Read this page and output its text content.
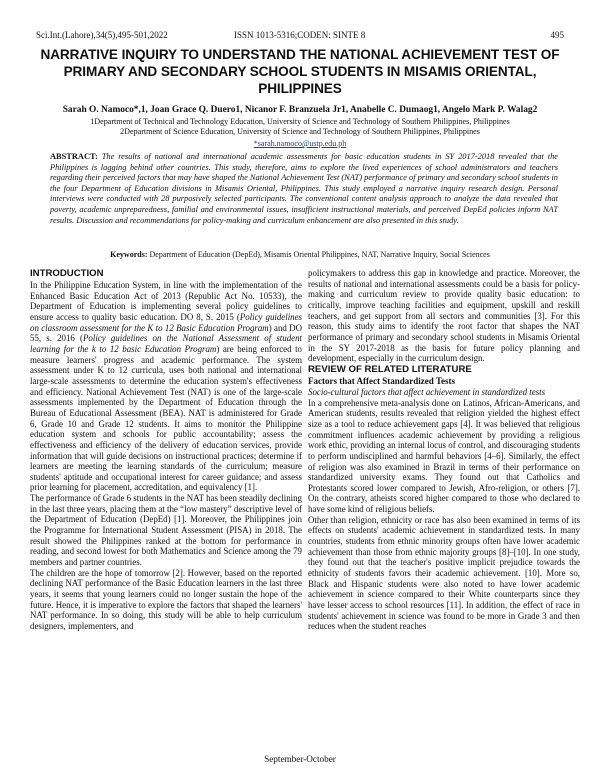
Sci.Int.(Lahore),34(5),495-501,2022	ISSN 1013-5316;CODEN: SINTE 8	495
NARRATIVE INQUIRY TO UNDERSTAND THE NATIONAL ACHIEVEMENT TEST OF PRIMARY AND SECONDARY SCHOOL STUDENTS IN MISAMIS ORIENTAL, PHILIPPINES
Sarah O. Namoco*,1, Joan Grace Q. Duero1, Nicanor F. Branzuela Jr1, Anabelle C. Dumaog1, Angelo Mark P. Walag2
1Department of Technical and Technology Education, University of Science and Technology of Southern Philippines, Philippines
2Department of Science Education, University of Science and Technology of Southern Philippines, Philippines
*sarah.namoco@ustp.edu.ph
ABSTRACT: The results of national and international academic assessments for basic education students in SY 2017-2018 revealed that the Philippines is lagging behind other countries. This study, therefore, aims to explore the lived experiences of school administrators and teachers regarding their perceived factors that may have shaped the National Achievement Test (NAT) performance of primary and secondary school students in the four Department of Education divisions in Misamis Oriental, Philippines. This study employed a narrative inquiry research design. Personal interviews were conducted with 28 purposively selected participants. The conventional content analysis approach to analyze the data revealed that poverty, academic unpreparedness, familial and environmental issues, insufficient instructional materials, and perceived DepEd policies inform NAT results. Discussion and recommendations for policy-making and curriculum enhancement are also presented in this study.
Keywords: Department of Education (DepEd), Misamis Oriental Philippines, NAT, Narrative Inquiry, Social Sciences

INTRODUCTION

In the Philippine Education System, in line with the implementation of the Enhanced Basic Education Act of 2013 (Republic Act No. 10533), the Department of Education is implementing several policy guidelines to ensure access to quality basic education. DO 8, S. 2015 (Policy guidelines on classroom assessment for the K to 12 Basic Education Program) and DO 55, s. 2016 (Policy guidelines on the National Assessment of student learning for the k to 12 basic Education Program) are being enforced to measure learners' progress and academic performance. The system assessment under K to 12 curricula, uses both national and international large-scale assessments to determine the education system's effectiveness and efficiency. National Achievement Test (NAT) is one of the large-scale assessments implemented by the Department of Education through the Bureau of Educational Assessment (BEA). NAT is administered for Grade 6, Grade 10 and Grade 12 students. It aims to monitor the Philippine education system and schools for public accountability; assess the effectiveness and efficiency of the delivery of education services, provide information that will guide decisions on instructional practices; determine if learners are meeting the learning standards of the curriculum; measure students' aptitude and occupational interest for career guidance; and assess prior learning for placement, accreditation, and equivalency [1].

The performance of Grade 6 students in the NAT has been steadily declining in the last three years, placing them at the “low mastery” descriptive level of the Department of Education (DepEd) [1]. Moreover, the Philippines join the Programme for International Student Assessment (PISA) in 2018. The result showed the Philippines ranked at the bottom for performance in reading, and second lowest for both Mathematics and Science among the 79 members and partner countries.

The children are the hope of tomorrow [2]. However, based on the reported declining NAT performance of the Basic Education learners in the last three years, it seems that young learners could no longer sustain the hope of the future. Hence, it is imperative to explore the factors that shaped the learners' NAT performance. In so doing, this study will be able to help curriculum designers, implementers, and

policymakers to address this gap in knowledge and practice. Moreover, the results of national and international assessments could be a basis for policy-making and curriculum review to provide quality basic education: to critically, improve teaching facilities and equipment, upskill and reskill teachers, and get support from all sectors and communities [3]. For this reason, this study aims to identify the root factor that shapes the NAT performance of primary and secondary school students in Misamis Oriental in the SY 2017-2018 as the basis for future policy planning and development, especially in the curriculum design.

REVIEW OF RELATED LITERATURE

Factors that Affect Standardized Tests

Socio-cultural factors that affect achievement in standardized tests

In a comprehensive meta-analysis done on Latinos, African-Americans, and American students, results revealed that religion yielded the highest effect size as a tool to reduce achievement gaps [4]. It was believed that religious commitment influences academic achievement by providing a religious work ethic, providing an internal locus of control, and discouraging students to perform undisciplined and harmful behaviors [4–6]. Similarly, the effect of religion was also examined in Brazil in terms of their performance on standardized university exams. They found out that Catholics and Protestants scored lower compared to Jewish, Afro-religion, or others [7]. On the contrary, atheists scored higher compared to those who declared to have some kind of religious beliefs.

Other than religion, ethnicity or race has also been examined in terms of its effects on students' academic achievement in standardized tests. In many countries, students from ethnic minority groups often have lower academic achievement than those from ethnic majority groups [8]–[10]. In one study, they found out that the teacher's positive implicit prejudice towards the ethnicity of students favors their academic achievement. [10]. More so, Black and Hispanic students were also noted to have lower academic achievement in science compared to their White counterparts since they have lesser access to school resources [11]. In addition, the effect of race in students' achievement in science was found to be more in Grade 3 and then reduces when the student reaches

September-October
